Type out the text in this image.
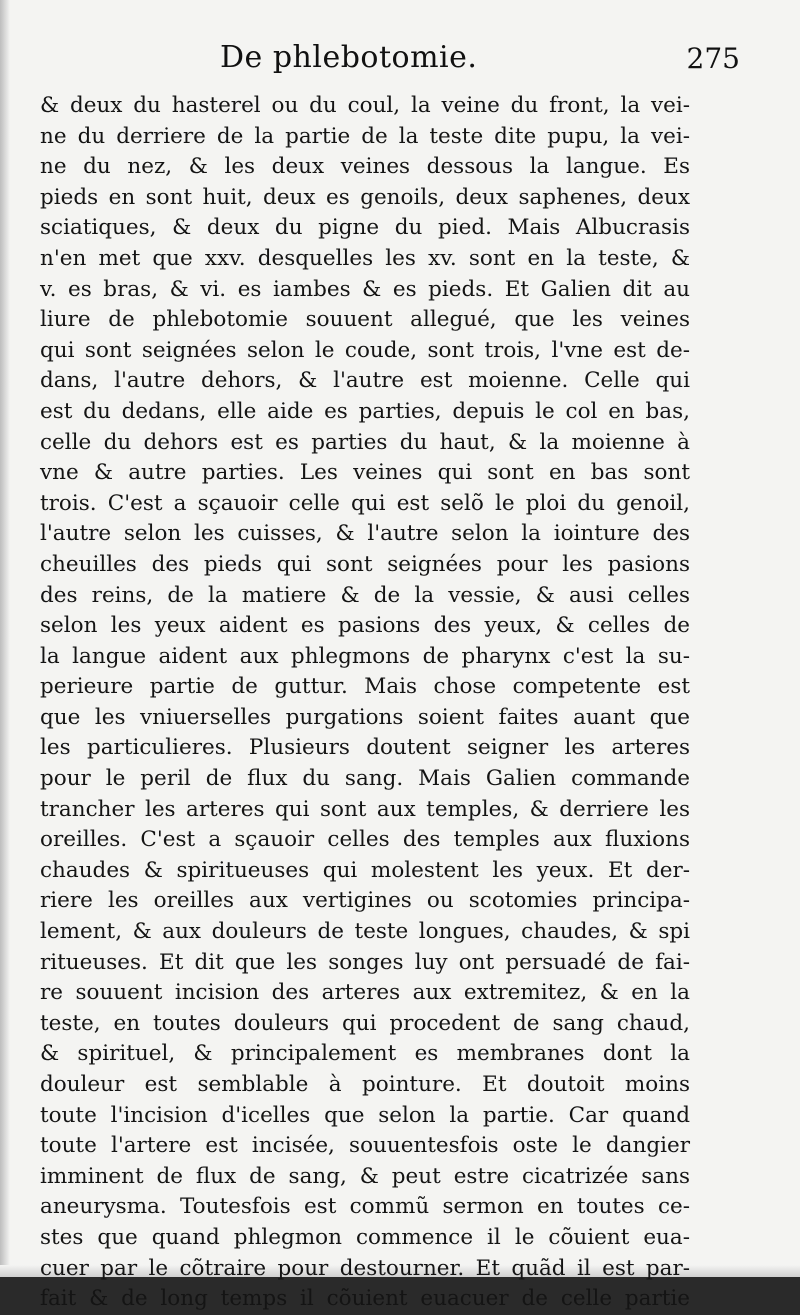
De phlebotomie.	275
& deux du hasterel ou du coul, la veine du front, la vei-
ne du derriere de la partie de la teste dite pupu, la vei-
ne du nez, & les deux veines dessous la langue. Es
pieds en sont huit, deux es genoils, deux saphenes, deux
sciatiques, & deux du pigne du pied. Mais Albucrasis
n'en met que xxv. desquelles les xv. sont en la teste, &
v. es bras, & vi. es iambes & es pieds. Et Galien dit au
liure de phlebotomie souuent allegué, que les veines
qui sont seignées selon le coude, sont trois, l'vne est de-
dans, l'autre dehors, & l'autre est moienne. Celle qui
est du dedans, elle aide es parties, depuis le col en bas,
celle du dehors est es parties du haut, & la moienne à
vne & autre parties. Les veines qui sont en bas sont
trois. C'est a sçauoir celle qui est selõ le ploi du genoil,
l'autre selon les cuisses, & l'autre selon la iointure des
cheuilles des pieds qui sont seignées pour les pasions
des reins, de la matiere & de la vessie, & ausi celles
selon les yeux aident es pasions des yeux, & celles de
la langue aident aux phlegmons de pharynx c'est la su-
perieure partie de guttur. Mais chose competente est
que les vniuerselles purgations soient faites auant que
les particulieres. Plusieurs doutent seigner les arteres
pour le peril de flux du sang. Mais Galien commande
trancher les arteres qui sont aux temples, & derriere les
oreilles. C'est a sçauoir celles des temples aux fluxions
chaudes & spiritueuses qui molestent les yeux. Et der-
riere les oreilles aux vertigines ou scotomies principa-
lement, & aux douleurs de teste longues, chaudes, & spi
ritueuses. Et dit que les songes luy ont persuadé de fai-
re souuent incision des arteres aux extremitez, & en la
teste, en toutes douleurs qui procedent de sang chaud,
& spirituel, & principalement es membranes dont la
douleur est semblable à pointure. Et doutoit moins
toute l'incision d'icelles que selon la partie. Car quand
toute l'artere est incisée, souuentesfois oste le dangier
imminent de flux de sang, & peut estre cicatrizée sans
aneurysma. Toutesfois est commũ sermon en toutes ce-
stes que quand phlegmon commence il le cõuient eua-
cuer par le cõtraire pour destourner. Et quãd il est par-
fait & de long temps il cõuient euacuer de celle partie
